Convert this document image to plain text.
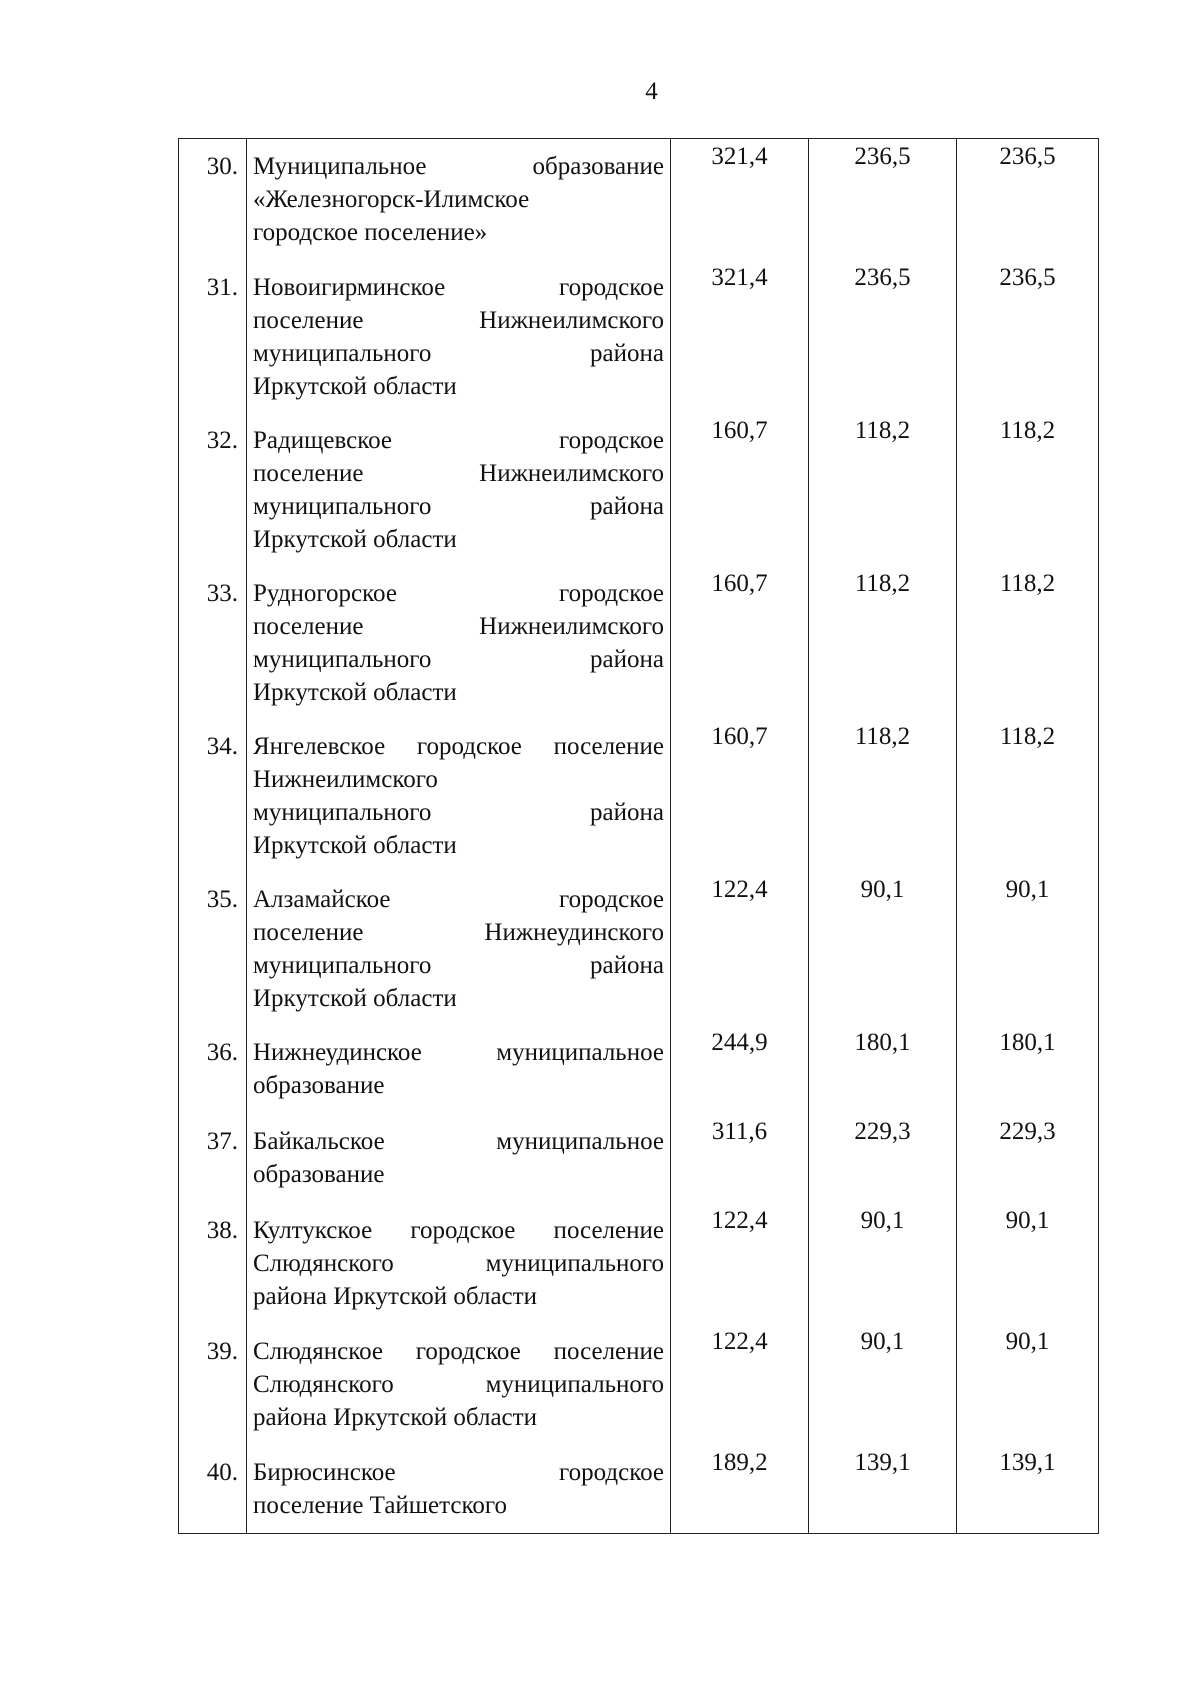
4
30.	Муниципальное образование
«Железногорск-Илимское
городское поселение»	321,4	236,5	236,5
31.	Новоигирминское городское
поселение Нижнеилимского
муниципального района
Иркутской области	321,4	236,5	236,5
32.	Радищевское городское
поселение Нижнеилимского
муниципального района
Иркутской области	160,7	118,2	118,2
33.	Рудногорское городское
поселение Нижнеилимского
муниципального района
Иркутской области	160,7	118,2	118,2
34.	Янгелевское городское поселение
Нижнеилимского
муниципального района
Иркутской области	160,7	118,2	118,2
35.	Алзамайское городское
поселение Нижнеудинского
муниципального района
Иркутской области	122,4	90,1	90,1
36.	Нижнеудинское муниципальное
образование	244,9	180,1	180,1
37.	Байкальское муниципальное
образование	311,6	229,3	229,3
38.	Култукское городское поселение
Слюдянского муниципального
района Иркутской области	122,4	90,1	90,1
39.	Слюдянское городское поселение
Слюдянского муниципального
района Иркутской области	122,4	90,1	90,1
40.	Бирюсинское городское
поселение Тайшетского	189,2	139,1	139,1
